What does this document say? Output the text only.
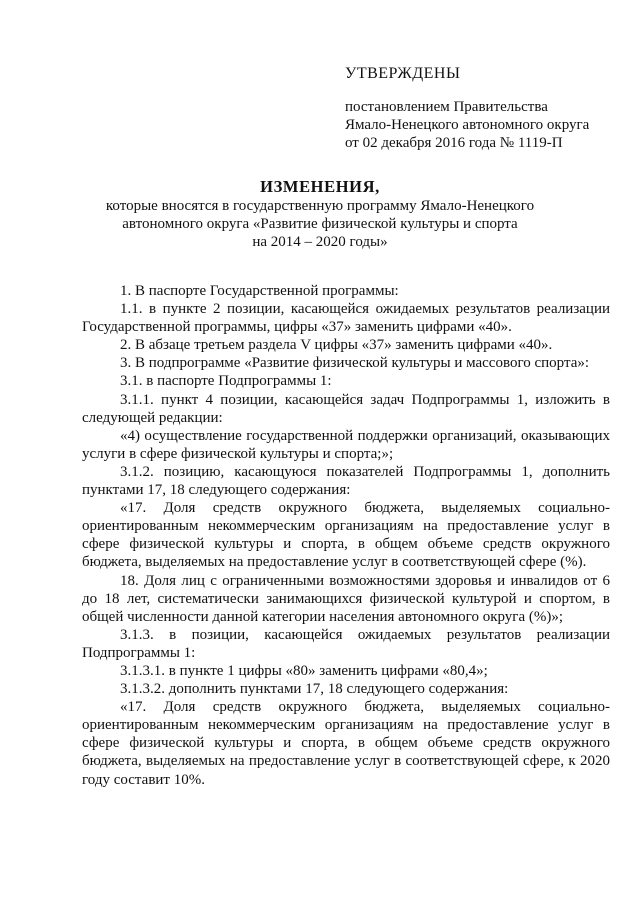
УТВЕРЖДЕНЫ
постановлением Правительства
Ямало-Ненецкого автономного округа
от 02 декабря 2016 года № 1119-П
ИЗМЕНЕНИЯ,
которые вносятся в государственную программу Ямало-Ненецкого
автономного округа «Развитие физической культуры и спорта
на 2014 – 2020 годы»

1. В паспорте Государственной программы:

1.1. в пункте 2 позиции, касающейся ожидаемых результатов реализации Государственной программы, цифры «37» заменить цифрами «40».

2. В абзаце третьем раздела V цифры «37» заменить цифрами «40».

3. В подпрограмме «Развитие физической культуры и массового спорта»:

3.1. в паспорте Подпрограммы 1:

3.1.1. пункт 4 позиции, касающейся задач Подпрограммы 1, изложить в следующей редакции:

«4) осуществление государственной поддержки организаций, оказывающих услуги в сфере физической культуры и спорта;»;

3.1.2. позицию, касающуюся показателей Подпрограммы 1, дополнить пунктами 17, 18 следующего содержания:

«17. Доля средств окружного бюджета, выделяемых социально-ориентированным некоммерческим организациям на предоставление услуг в сфере физической культуры и спорта, в общем объеме средств окружного бюджета, выделяемых на предоставление услуг в соответствующей сфере (%).

18. Доля лиц с ограниченными возможностями здоровья и инвалидов от 6 до 18 лет, систематически занимающихся физической культурой и спортом, в общей численности данной категории населения автономного округа (%)»;

3.1.3. в позиции, касающейся ожидаемых результатов реализации Подпрограммы 1:

3.1.3.1. в пункте 1 цифры «80» заменить цифрами «80,4»;

3.1.3.2. дополнить пунктами 17, 18 следующего содержания:

«17. Доля средств окружного бюджета, выделяемых социально-ориентированным некоммерческим организациям на предоставление услуг в сфере физической культуры и спорта, в общем объеме средств окружного бюджета, выделяемых на предоставление услуг в соответствующей сфере, к 2020 году составит 10%.
